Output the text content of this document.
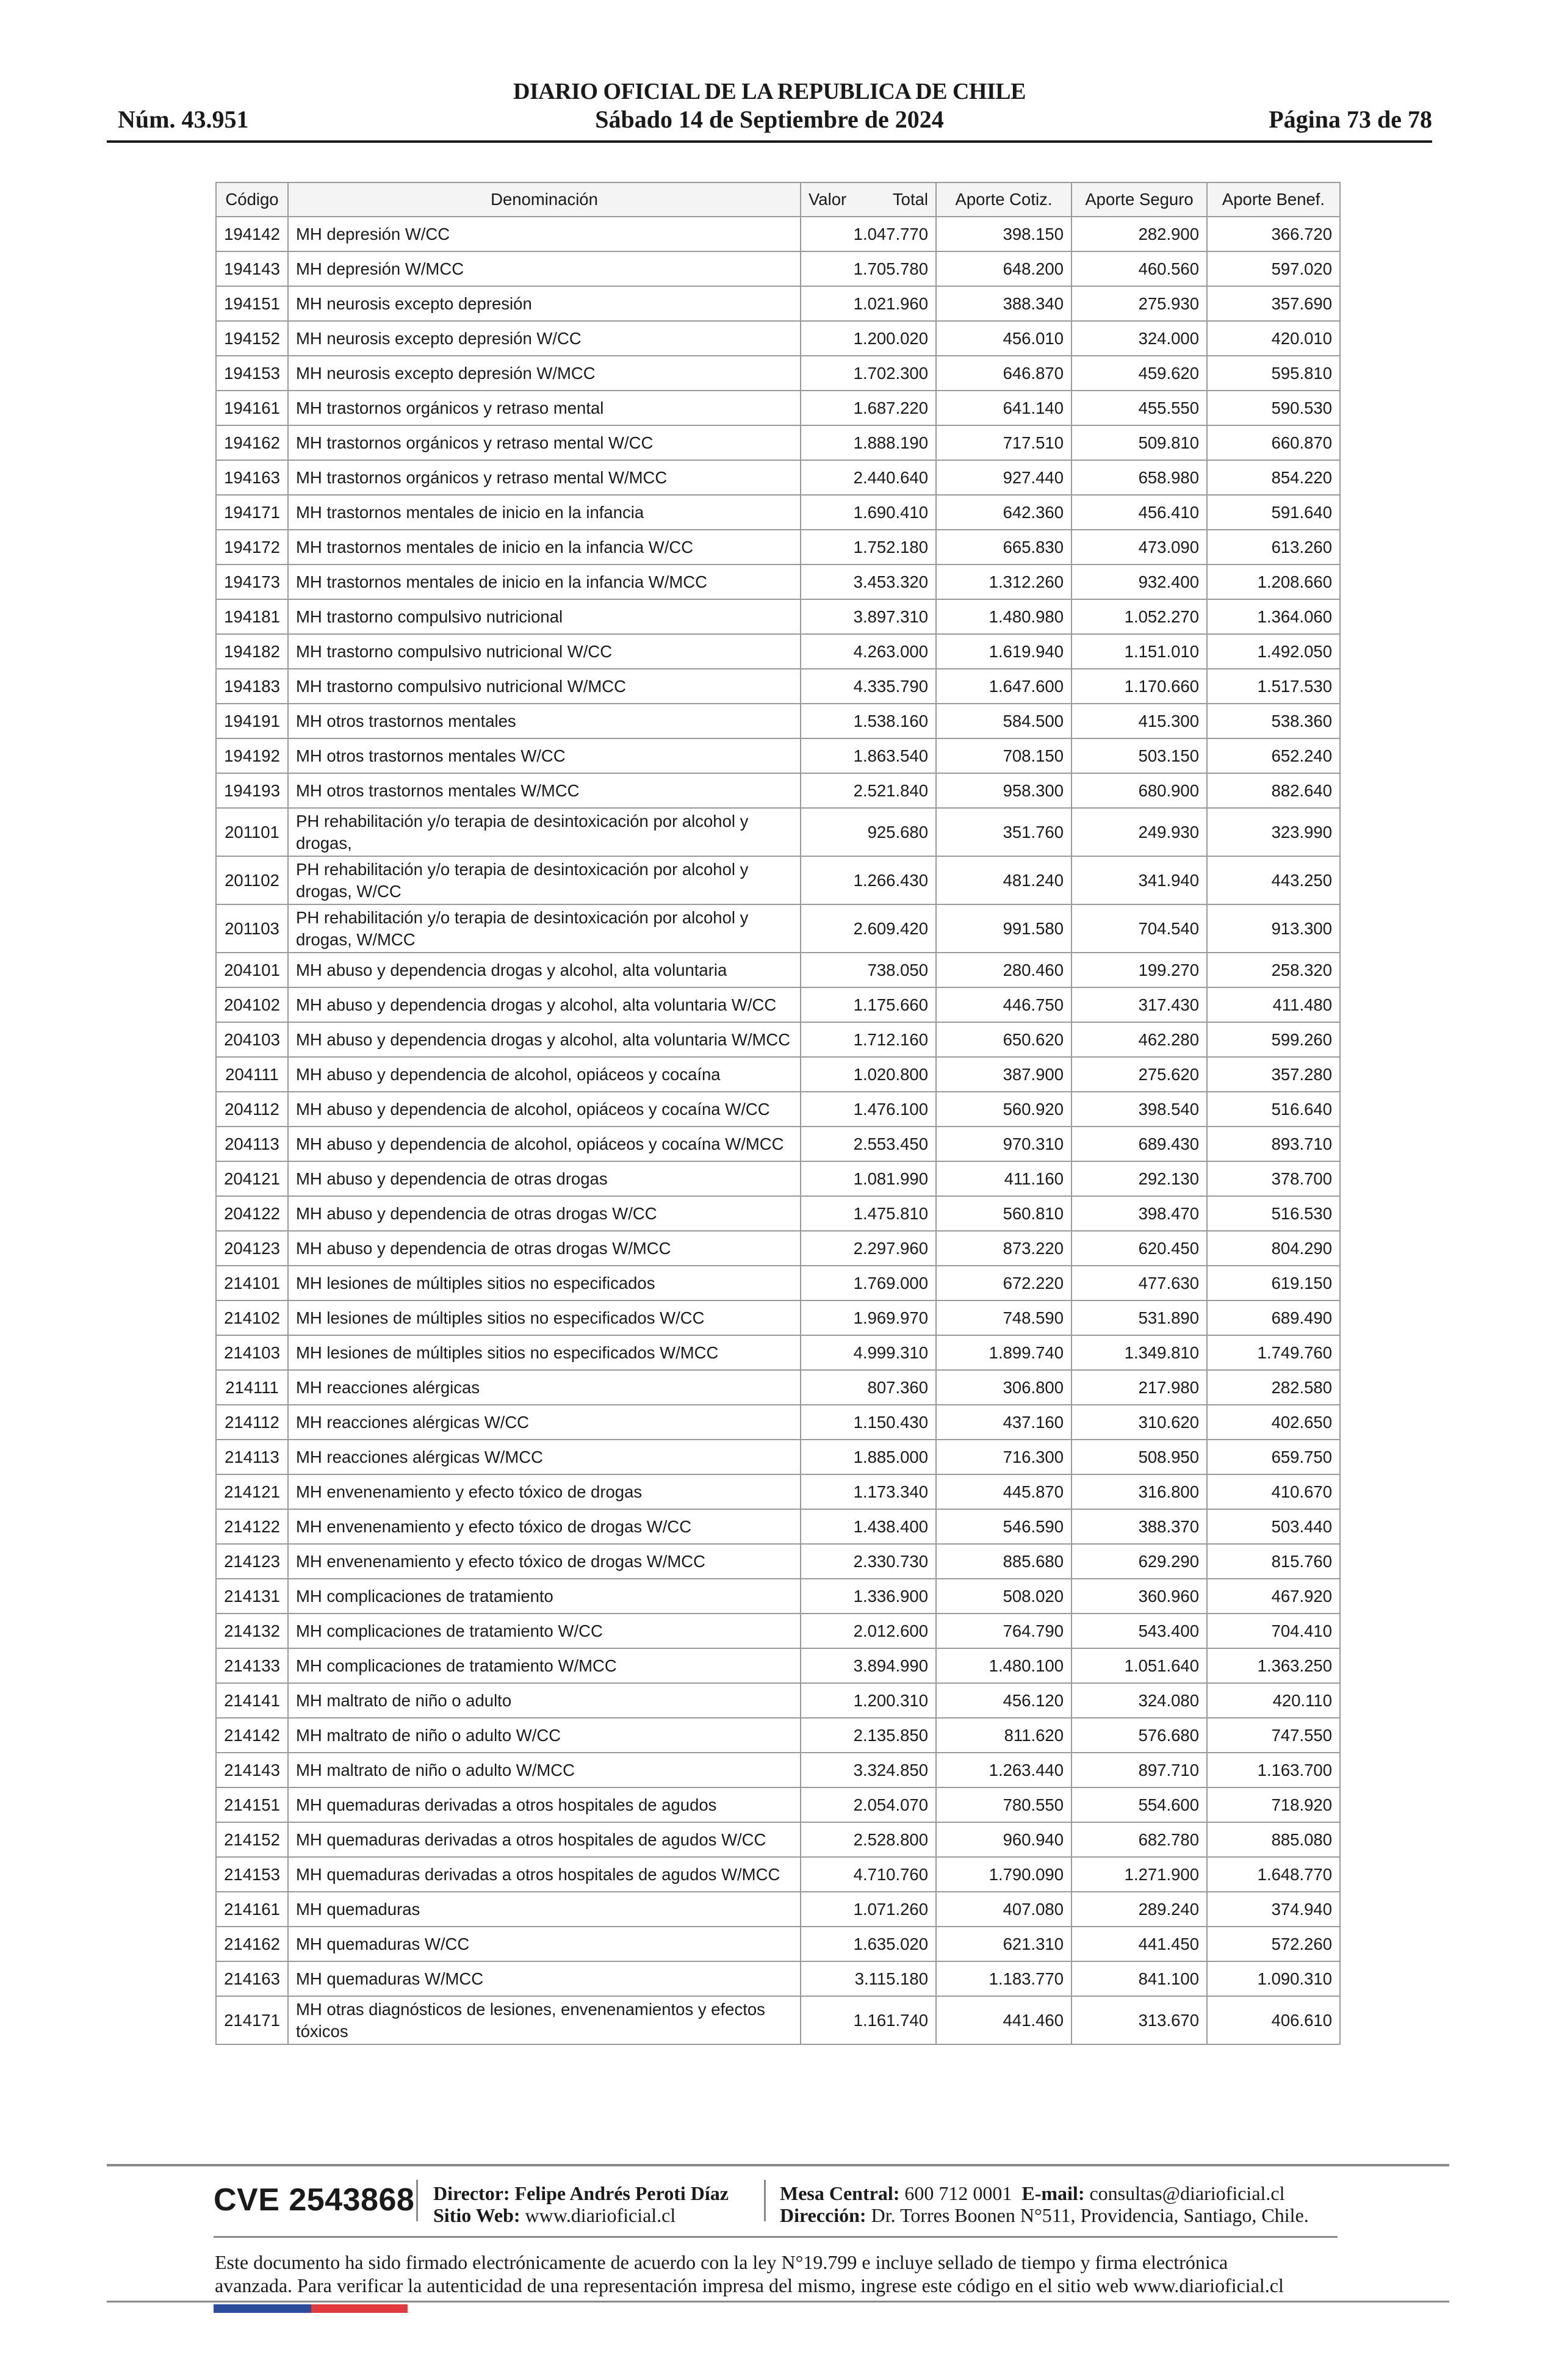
DIARIO OFICIAL DE LA REPUBLICA DE CHILE
Núm. 43.951	Sábado 14 de Septiembre de 2024	Página 73 de 78
Código	Denominación	Valor Total	Aporte Cotiz.	Aporte Seguro	Aporte Benef.
194142	MH depresión W/CC	1.047.770	398.150	282.900	366.720
194143	MH depresión W/MCC	1.705.780	648.200	460.560	597.020
194151	MH neurosis excepto depresión	1.021.960	388.340	275.930	357.690
194152	MH neurosis excepto depresión W/CC	1.200.020	456.010	324.000	420.010
194153	MH neurosis excepto depresión W/MCC	1.702.300	646.870	459.620	595.810
194161	MH trastornos orgánicos y retraso mental	1.687.220	641.140	455.550	590.530
194162	MH trastornos orgánicos y retraso mental W/CC	1.888.190	717.510	509.810	660.870
194163	MH trastornos orgánicos y retraso mental W/MCC	2.440.640	927.440	658.980	854.220
194171	MH trastornos mentales de inicio en la infancia	1.690.410	642.360	456.410	591.640
194172	MH trastornos mentales de inicio en la infancia W/CC	1.752.180	665.830	473.090	613.260
194173	MH trastornos mentales de inicio en la infancia W/MCC	3.453.320	1.312.260	932.400	1.208.660
194181	MH trastorno compulsivo nutricional	3.897.310	1.480.980	1.052.270	1.364.060
194182	MH trastorno compulsivo nutricional W/CC	4.263.000	1.619.940	1.151.010	1.492.050
194183	MH trastorno compulsivo nutricional W/MCC	4.335.790	1.647.600	1.170.660	1.517.530
194191	MH otros trastornos mentales	1.538.160	584.500	415.300	538.360
194192	MH otros trastornos mentales W/CC	1.863.540	708.150	503.150	652.240
194193	MH otros trastornos mentales W/MCC	2.521.840	958.300	680.900	882.640
201101	PH rehabilitación y/o terapia de desintoxicación por alcohol y drogas,	925.680	351.760	249.930	323.990
201102	PH rehabilitación y/o terapia de desintoxicación por alcohol y drogas, W/CC	1.266.430	481.240	341.940	443.250
201103	PH rehabilitación y/o terapia de desintoxicación por alcohol y drogas, W/MCC	2.609.420	991.580	704.540	913.300
204101	MH abuso y dependencia drogas y alcohol, alta voluntaria	738.050	280.460	199.270	258.320
204102	MH abuso y dependencia drogas y alcohol, alta voluntaria W/CC	1.175.660	446.750	317.430	411.480
204103	MH abuso y dependencia drogas y alcohol, alta voluntaria W/MCC	1.712.160	650.620	462.280	599.260
204111	MH abuso y dependencia de alcohol, opiáceos y cocaína	1.020.800	387.900	275.620	357.280
204112	MH abuso y dependencia de alcohol, opiáceos y cocaína W/CC	1.476.100	560.920	398.540	516.640
204113	MH abuso y dependencia de alcohol, opiáceos y cocaína W/MCC	2.553.450	970.310	689.430	893.710
204121	MH abuso y dependencia de otras drogas	1.081.990	411.160	292.130	378.700
204122	MH abuso y dependencia de otras drogas W/CC	1.475.810	560.810	398.470	516.530
204123	MH abuso y dependencia de otras drogas W/MCC	2.297.960	873.220	620.450	804.290
214101	MH lesiones de múltiples sitios no especificados	1.769.000	672.220	477.630	619.150
214102	MH lesiones de múltiples sitios no especificados W/CC	1.969.970	748.590	531.890	689.490
214103	MH lesiones de múltiples sitios no especificados W/MCC	4.999.310	1.899.740	1.349.810	1.749.760
214111	MH reacciones alérgicas	807.360	306.800	217.980	282.580
214112	MH reacciones alérgicas W/CC	1.150.430	437.160	310.620	402.650
214113	MH reacciones alérgicas W/MCC	1.885.000	716.300	508.950	659.750
214121	MH envenenamiento y efecto tóxico de drogas	1.173.340	445.870	316.800	410.670
214122	MH envenenamiento y efecto tóxico de drogas W/CC	1.438.400	546.590	388.370	503.440
214123	MH envenenamiento y efecto tóxico de drogas W/MCC	2.330.730	885.680	629.290	815.760
214131	MH complicaciones de tratamiento	1.336.900	508.020	360.960	467.920
214132	MH complicaciones de tratamiento W/CC	2.012.600	764.790	543.400	704.410
214133	MH complicaciones de tratamiento W/MCC	3.894.990	1.480.100	1.051.640	1.363.250
214141	MH maltrato de niño o adulto	1.200.310	456.120	324.080	420.110
214142	MH maltrato de niño o adulto W/CC	2.135.850	811.620	576.680	747.550
214143	MH maltrato de niño o adulto W/MCC	3.324.850	1.263.440	897.710	1.163.700
214151	MH quemaduras derivadas a otros hospitales de agudos	2.054.070	780.550	554.600	718.920
214152	MH quemaduras derivadas a otros hospitales de agudos W/CC	2.528.800	960.940	682.780	885.080
214153	MH quemaduras derivadas a otros hospitales de agudos W/MCC	4.710.760	1.790.090	1.271.900	1.648.770
214161	MH quemaduras	1.071.260	407.080	289.240	374.940
214162	MH quemaduras W/CC	1.635.020	621.310	441.450	572.260
214163	MH quemaduras W/MCC	3.115.180	1.183.770	841.100	1.090.310
214171	MH otras diagnósticos de lesiones, envenenamientos y efectos tóxicos	1.161.740	441.460	313.670	406.610
CVE 2543868 Director: Felipe Andrés Peroti Díaz
Sitio Web: www.diarioficial.cl
Mesa Central: 600 712 0001 E-mail: consultas@diarioficial.cl
Dirección: Dr. Torres Boonen N°511, Providencia, Santiago, Chile.
Este documento ha sido firmado electrónicamente de acuerdo con la ley N°19.799 e incluye sellado de tiempo y firma electrónica
avanzada. Para verificar la autenticidad de una representación impresa del mismo, ingrese este código en el sitio web www.diarioficial.cl
